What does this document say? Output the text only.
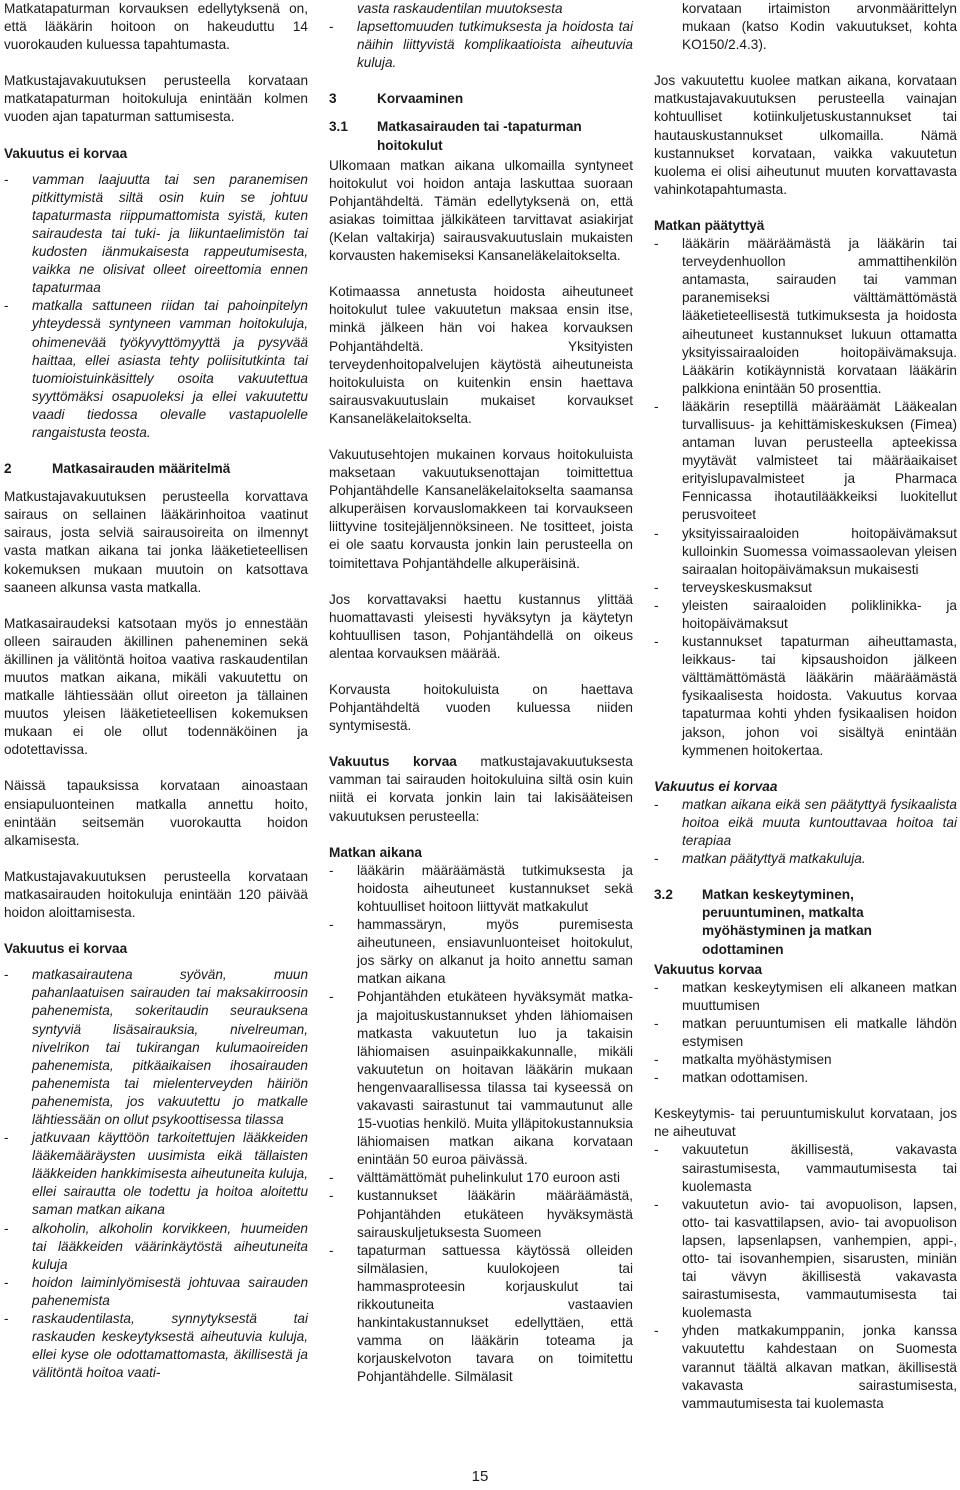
Matkatapaturman korvauksen edellytyksenä on, että lääkärin hoitoon on hakeuduttu 14 vuorokauden kuluessa tapahtumasta.

Matkustajavakuutuksen perusteella korvataan matkatapaturman hoitokuluja enintään kolmen vuoden ajan tapaturman sattumisesta.

Vakuutus ei korvaa
-	vamman laajuutta tai sen paranemisen pitkittymistä siltä osin kuin se johtuu tapaturmasta riippumattomista syistä, kuten sairaudesta tai tuki- ja liikuntaelimistön tai kudosten iänmukaisesta rappeutumisesta, vaikka ne olisivat olleet oireettomia ennen tapaturmaa
-	matkalla sattuneen riidan tai pahoinpitelyn yhteydessä syntyneen vamman hoitokuluja, ohimenevää työkyvyttömyyttä ja pysyvää haittaa, ellei asiasta tehty poliisitutkinta tai tuomioistuinkäsittely osoita vakuutettua syyttömäksi osapuoleksi ja ellei vakuutettu vaadi tiedossa olevalle vastapuolelle rangaistusta teosta.
2	Matkasairauden määritelmä

Matkustajavakuutuksen perusteella korvattava sairaus on sellainen lääkärinhoitoa vaatinut sairaus, josta selviä sairausoireita on ilmennyt vasta matkan aikana tai jonka lääketieteellisen kokemuksen mukaan muutoin on katsottava saaneen alkunsa vasta matkalla.

Matkasairaudeksi katsotaan myös jo ennestään olleen sairauden äkillinen paheneminen sekä äkillinen ja välitöntä hoitoa vaativa raskaudentilan muutos matkan aikana, mikäli vakuutettu on matkalle lähtiessään ollut oireeton ja tällainen muutos yleisen lääketieteellisen kokemuksen mukaan ei ole ollut todennäköinen ja odotettavissa.

Näissä tapauksissa korvataan ainoastaan ensiapuluonteinen matkalla annettu hoito, enintään seitsemän vuorokautta hoidon alkamisesta.

Matkustajavakuutuksen perusteella korvataan matkasairauden hoitokuluja enintään 120 päivää hoidon aloittamisesta.

Vakuutus ei korvaa
-	matkasairautena syövän, muun pahanlaatuisen sairauden tai maksakirroosin pahenemista, sokeritaudin seurauksena syntyviä lisäsairauksia, nivelreuman, nivelrikon tai tukirangan kulumaoireiden pahenemista, pitkäaikaisen ihosairauden pahenemista tai mielenterveyden häiriön pahenemista, jos vakuutettu jo matkalle lähtiessään on ollut psykoottisessa tilassa
-	jatkuvaan käyttöön tarkoitettujen lääkkeiden lääkemääräysten uusimista eikä tällaisten lääkkeiden hankkimisesta aiheutuneita kuluja, ellei sairautta ole todettu ja hoitoa aloitettu saman matkan aikana
-	alkoholin, alkoholin korvikkeen, huumeiden tai lääkkeiden väärinkäytöstä aiheutuneita kuluja
-	hoidon laiminlyömisestä johtuvaa sairauden pahenemista
-	raskaudentilasta, synnytyksestä tai raskauden keskeytyksestä aiheutuvia kuluja, ellei kyse ole odottamattomasta, äkillisestä ja välitöntä hoitoa vaati-
vasta raskaudentilan muutoksesta
-	lapsettomuuden tutkimuksesta ja hoidosta tai näihin liittyvistä komplikaatioista aiheutuvia kuluja.
3	Korvaaminen
3.1	Matkasairauden tai -tapaturman hoitokulut

Ulkomaan matkan aikana ulkomailla syntyneet hoitokulut voi hoidon antaja laskuttaa suoraan Pohjantähdeltä. Tämän edellytyksenä on, että asiakas toimittaa jälkikäteen tarvittavat asiakirjat (Kelan valtakirja) sairausvakuutuslain mukaisten korvausten hakemiseksi Kansaneläkelaitokselta.

Kotimaassa annetusta hoidosta aiheutuneet hoitokulut tulee vakuutetun maksaa ensin itse, minkä jälkeen hän voi hakea korvauksen Pohjantähdeltä. Yksityisten terveydenhoitopalvelujen käytöstä aiheutuneista hoitokuluista on kuitenkin ensin haettava sairausvakuutuslain mukaiset korvaukset Kansaneläkelaitokselta.

Vakuutusehtojen mukainen korvaus hoitokuluista maksetaan vakuutuksenottajan toimittettua Pohjantähdelle Kansaneläkelaitokselta saamansa alkuperäisen korvauslomakkeen tai korvaukseen liittyvine tositejäljennöksineen. Ne tositteet, joista ei ole saatu korvausta jonkin lain perusteella on toimitettava Pohjantähdelle alkuperäisinä.

Jos korvattavaksi haettu kustannus ylittää huomattavasti yleisesti hyväksytyn ja käytetyn kohtuullisen tason, Pohjantähdellä on oikeus alentaa korvauksen määrää.

Korvausta hoitokuluista on haettava Pohjantähdeltä vuoden kuluessa niiden syntymisestä.

Vakuutus korvaa matkustajavakuutuksesta vamman tai sairauden hoitokuluina siltä osin kuin niitä ei korvata jonkin lain tai lakisääteisen vakuutuksen perusteella:

Matkan aikana
-	lääkärin määräämästä tutkimuksesta ja hoidosta aiheutuneet kustannukset sekä kohtuulliset hoitoon liittyvät matkakulut
-	hammassäryn, myös puremisesta aiheutuneen, ensiavunluonteiset hoitokulut, jos särky on alkanut ja hoito annettu saman matkan aikana
-	Pohjantähden etukäteen hyväksymät matka- ja majoituskustannukset yhden lähiomaisen matkasta vakuutetun luo ja takaisin lähiomaisen asuinpaikkakunnalle, mikäli vakuutetun on hoitavan lääkärin mukaan hengenvaarallisessa tilassa tai kyseessä on vakavasti sairastunut tai vammautunut alle 15-vuotias henkilö. Muita ylläpitokustannuksia lähiomaisen matkan aikana korvataan enintään 50 euroa päivässä.
-	välttämättömät puhelinkulut 170 euroon asti
-	kustannukset lääkärin määräämästä, Pohjantähden etukäteen hyväksymästä sairauskuljetuksesta Suomeen
-	tapaturman sattuessa käytössä olleiden silmälasien, kuulokojeen tai hammasproteesin korjauskulut tai rikkoutuneita vastaavien hankintakustannukset edellyttäen, että vamma on lääkärin toteama ja korjauskelvoton tavara on toimitettu Pohjantähdelle. Silmälasit
korvataan irtaimiston arvonmäärittelyn mukaan (katso Kodin vakuutukset, kohta KO150/2.4.3).

Jos vakuutettu kuolee matkan aikana, korvataan matkustajavakuutuksen perusteella vainajan kohtuulliset kotiinkuljetuskustannukset tai hautauskustannukset ulkomailla. Nämä kustannukset korvataan, vaikka vakuutetun kuolema ei olisi aiheutunut muuten korvattavasta vahinkotapahtumasta.

Matkan päätyttyä
-	lääkärin määräämästä ja lääkärin tai terveydenhuollon ammattihenkilön antamasta, sairauden tai vamman paranemiseksi välttämättömästä lääketieteellisestä tutkimuksesta ja hoidosta aiheutuneet kustannukset lukuun ottamatta yksityissairaaloiden hoitopäivämaksuja. Lääkärin kotikäynnistä korvataan lääkärin palkkiona enintään 50 prosenttia.
-	lääkärin reseptillä määräämät Lääkealan turvallisuus- ja kehittämiskeskuksen (Fimea) antaman luvan perusteella apteekissa myytävät valmisteet tai määräaikaiset erityislupavalmisteet ja Pharmaca Fennicassa ihotautilääkkeiksi luokitellut perusvoiteet
-	yksityissairaaloiden hoitopäivämaksut kulloinkin Suomessa voimassaolevan yleisen sairaalan hoitopäivämaksun mukaisesti
-	terveyskeskusmaksut
-	yleisten sairaaloiden poliklinikka- ja hoitopäivämaksut
-	kustannukset tapaturman aiheuttamasta, leikkaus- tai kipsaushoidon jälkeen välttämättömästä lääkärin määräämästä fysikaalisesta hoidosta. Vakuutus korvaa tapaturmaa kohti yhden fysikaalisen hoidon jakson, johon voi sisältyä enintään kymmenen hoitokertaa.
Vakuutus ei korvaa
-	matkan aikana eikä sen päätyttyä fysikaalista hoitoa eikä muuta kuntouttavaa hoitoa tai terapiaa
-	matkan päätyttyä matkakuluja.
3.2	Matkan keskeytyminen, peruuntuminen, matkalta myöhästyminen ja matkan odottaminen
Vakuutus korvaa
-	matkan keskeytymisen eli alkaneen matkan muuttumisen
-	matkan peruuntumisen eli matkalle lähdön estymisen
-	matkalta myöhästymisen
-	matkan odottamisen.

Keskeytymis- tai peruuntumiskulut korvataan, jos ne aiheutuvat

-	vakuutetun äkillisestä, vakavasta sairastumisesta, vammautumisesta tai kuolemasta
-	vakuutetun avio- tai avopuolison, lapsen, otto- tai kasvattilapsen, avio- tai avopuolison lapsen, lapsenlapsen, vanhempien, appi-, otto- tai isovanhempien, sisarusten, miniän tai vävyn äkillisestä vakavasta sairastumisesta, vammautumisesta tai kuolemasta
-	yhden matkakumppanin, jonka kanssa vakuutettu kahdestaan on Suomesta varannut täältä alkavan matkan, äkillisestä vakavasta sairastumisesta, vammautumisesta tai kuolemasta
15
